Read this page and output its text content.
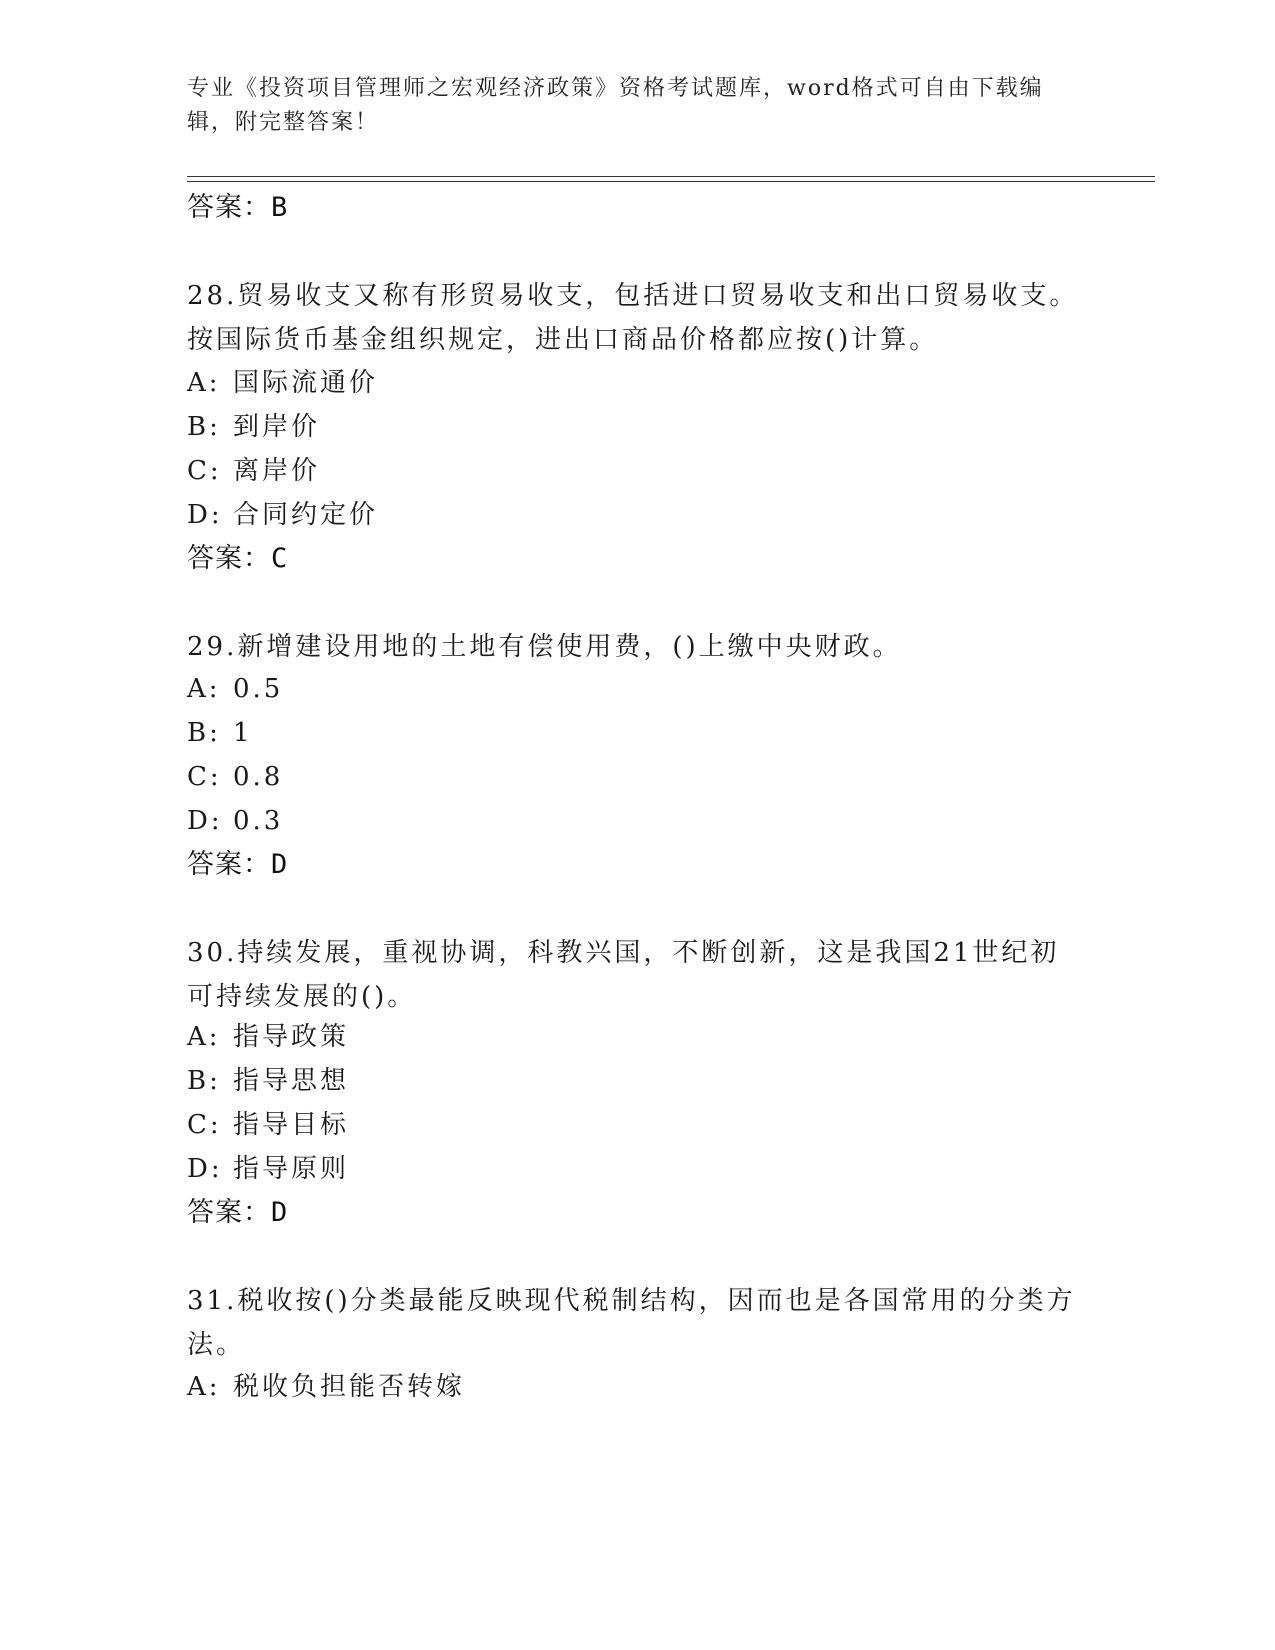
专业《投资项目管理师之宏观经济政策》资格考试题库，word格式可自由下载编
辑，附完整答案！
答案：B
28.贸易收支又称有形贸易收支，包括进口贸易收支和出口贸易收支。
按国际货币基金组织规定，进出口商品价格都应按()计算。
A: 国际流通价
B: 到岸价
C: 离岸价
D: 合同约定价
答案：C
29.新增建设用地的土地有偿使用费，()上缴中央财政。
A: 0.5
B: 1
C: 0.8
D: 0.3
答案：D
30.持续发展，重视协调，科教兴国，不断创新，这是我国21世纪初
可持续发展的()。
A: 指导政策
B: 指导思想
C: 指导目标
D: 指导原则
答案：D
31.税收按()分类最能反映现代税制结构，因而也是各国常用的分类方
法。
A: 税收负担能否转嫁
